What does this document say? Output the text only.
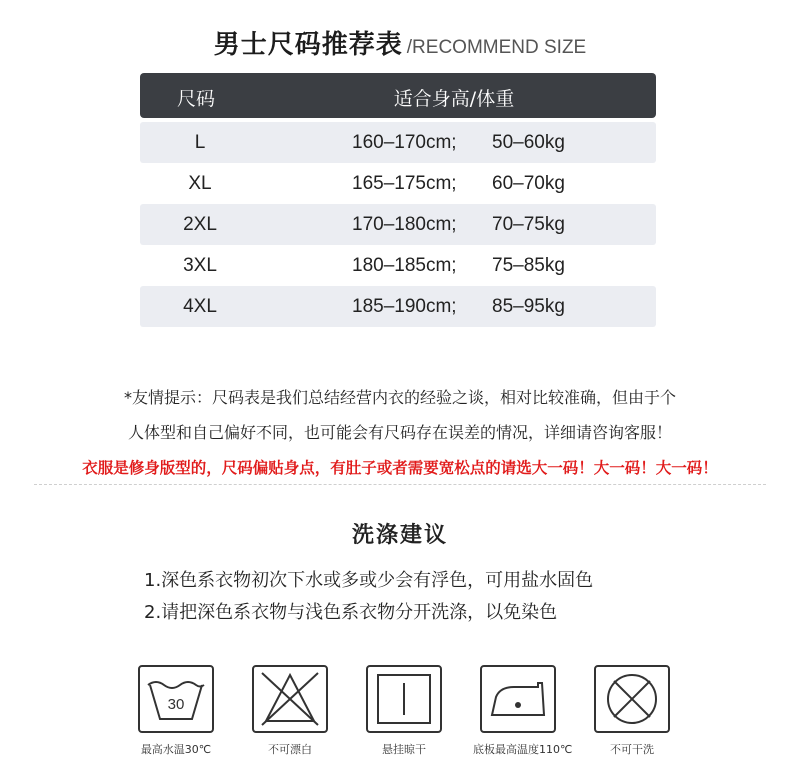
男士尺码推荐表 /RECOMMEND SIZE
尺码	适合身高/体重
L	160–170cm; 50–60kg
XL	165–175cm; 60–70kg
2XL	170–180cm; 70–75kg
3XL	180–185cm; 75–85kg
4XL	185–190cm; 85–95kg
*友情提示：尺码表是我们总结经营内衣的经验之谈，相对比较准确，但由于个
人体型和自己偏好不同，也可能会有尺码存在误差的情况，详细请咨询客服！
衣服是修身版型的，尺码偏贴身点，有肚子或者需要宽松点的请选大一码！大一码！大一码！
洗涤建议
1.深色系衣物初次下水或多或少会有浮色，可用盐水固色
2.请把深色系衣物与浅色系衣物分开洗涤，以免染色
30
最高水温30℃	不可漂白	悬挂晾干	底板最高温度110℃	不可干洗
